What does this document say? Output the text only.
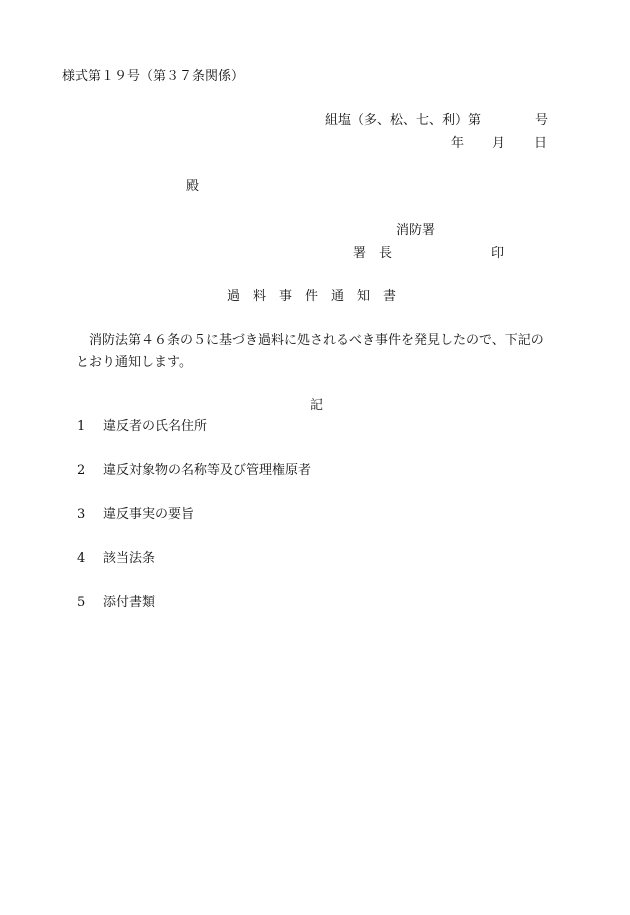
様式第１９号（第３７条関係）
組塩（多、松、七、利）第	号
年 月 日
殿
消防署
署　長	印
過　料　事　件　通　知　書
消防法第４６条の５に基づき過料に処されるべき事件を発見したので、下記の
とおり通知します。
記
1 違反者の氏名住所
2 違反対象物の名称等及び管理権原者
3 違反事実の要旨
4 該当法条
5 添付書類
